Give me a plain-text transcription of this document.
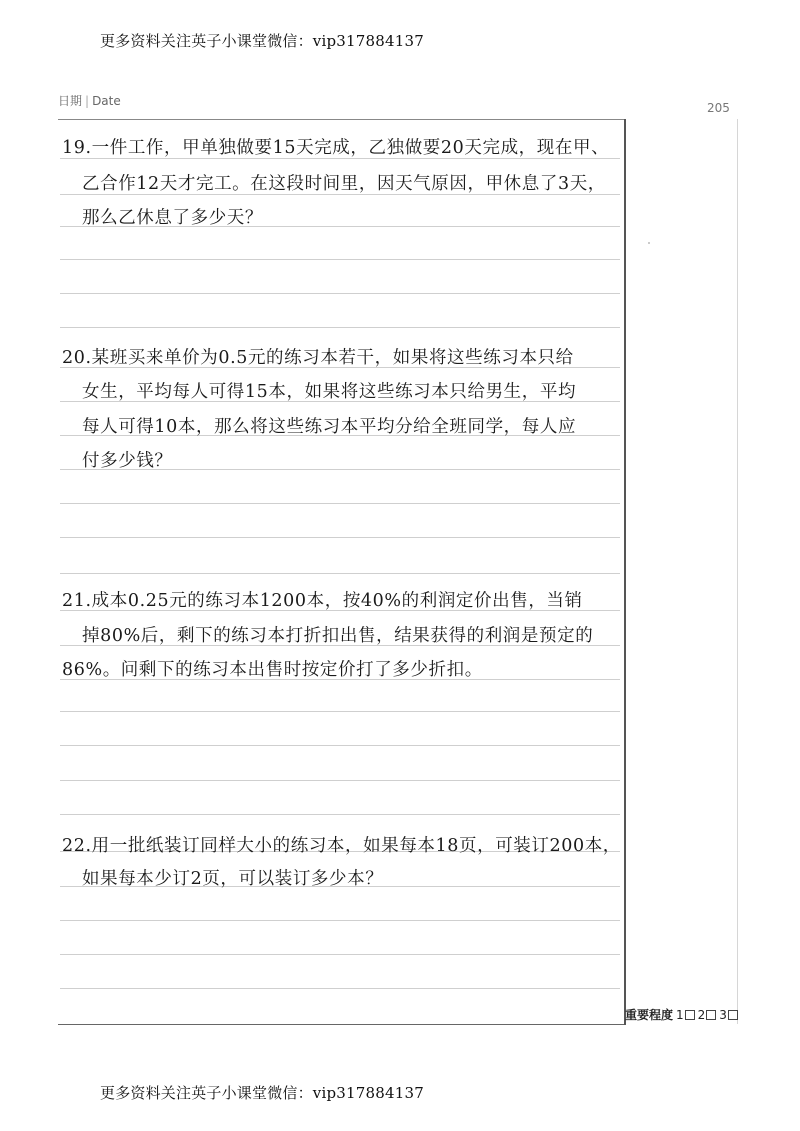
更多资料关注英子小课堂微信：vip317884137
日期 | Date	205
19.一件工作，甲单独做要15天完成，乙独做要20天完成，现在甲、
乙合作12天才完工。在这段时间里，因天气原因，甲休息了3天，
那么乙休息了多少天？
20.某班买来单价为0.5元的练习本若干，如果将这些练习本只给
女生，平均每人可得15本，如果将这些练习本只给男生，平均
每人可得10本，那么将这些练习本平均分给全班同学，每人应
付多少钱？
21.成本0.25元的练习本1200本，按40%的利润定价出售，当销
掉80%后，剩下的练习本打折扣出售，结果获得的利润是预定的
86%。问剩下的练习本出售时按定价打了多少折扣。
22.用一批纸装订同样大小的练习本，如果每本18页，可装订200本，
如果每本少订2页，可以装订多少本？
重要程度 1 2 3
更多资料关注英子小课堂微信：vip317884137
